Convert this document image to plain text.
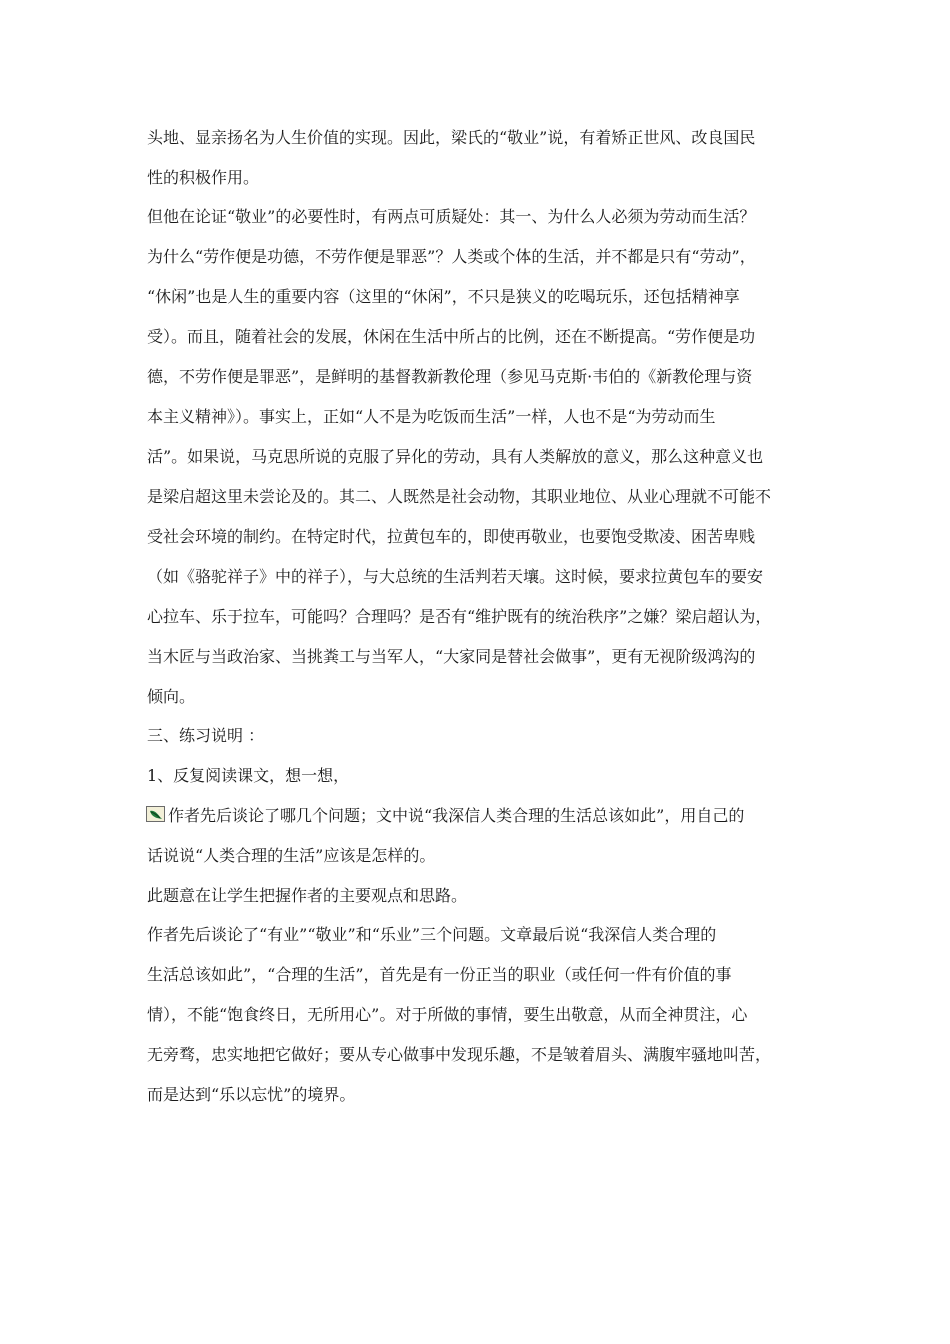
头地、显亲扬名为人生价值的实现。因此，梁氏的“敬业”说，有着矫正世风、改良国民
性的积极作用。
但他在论证“敬业”的必要性时，有两点可质疑处：其一、为什么人必须为劳动而生活？
为什么“劳作便是功德，不劳作便是罪恶”？人类或个体的生活，并不都是只有“劳动”，
“休闲”也是人生的重要内容（这里的“休闲”，不只是狭义的吃喝玩乐，还包括精神享
受）。而且，随着社会的发展，休闲在生活中所占的比例，还在不断提高。“劳作便是功
德，不劳作便是罪恶”，是鲜明的基督教新教伦理（参见马克斯·韦伯的《新教伦理与资
本主义精神》）。事实上，正如“人不是为吃饭而生活”一样，人也不是“为劳动而生
活”。如果说，马克思所说的克服了异化的劳动，具有人类解放的意义，那么这种意义也
是梁启超这里未尝论及的。其二、人既然是社会动物，其职业地位、从业心理就不可能不
受社会环境的制约。在特定时代，拉黄包车的，即使再敬业，也要饱受欺凌、困苦卑贱
（如《骆驼祥子》中的祥子），与大总统的生活判若天壤。这时候，要求拉黄包车的要安
心拉车、乐于拉车，可能吗？合理吗？是否有“维护既有的统治秩序”之嫌？梁启超认为，
当木匠与当政治家、当挑粪工与当军人，“大家同是替社会做事”，更有无视阶级鸿沟的
倾向。
三、练习说明 ：
1、反复阅读课文，想一想，
作者先后谈论了哪几个问题；文中说“我深信人类合理的生活总该如此”，用自己的
话说说“人类合理的生活”应该是怎样的。
此题意在让学生把握作者的主要观点和思路。
作者先后谈论了“有业”“敬业”和“乐业”三个问题。文章最后说“我深信人类合理的
生活总该如此”，“合理的生活”，首先是有一份正当的职业（或任何一件有价值的事
情），不能“饱食终日，无所用心”。对于所做的事情，要生出敬意，从而全神贯注，心
无旁骛，忠实地把它做好；要从专心做事中发现乐趣，不是皱着眉头、满腹牢骚地叫苦，
而是达到“乐以忘忧”的境界。
